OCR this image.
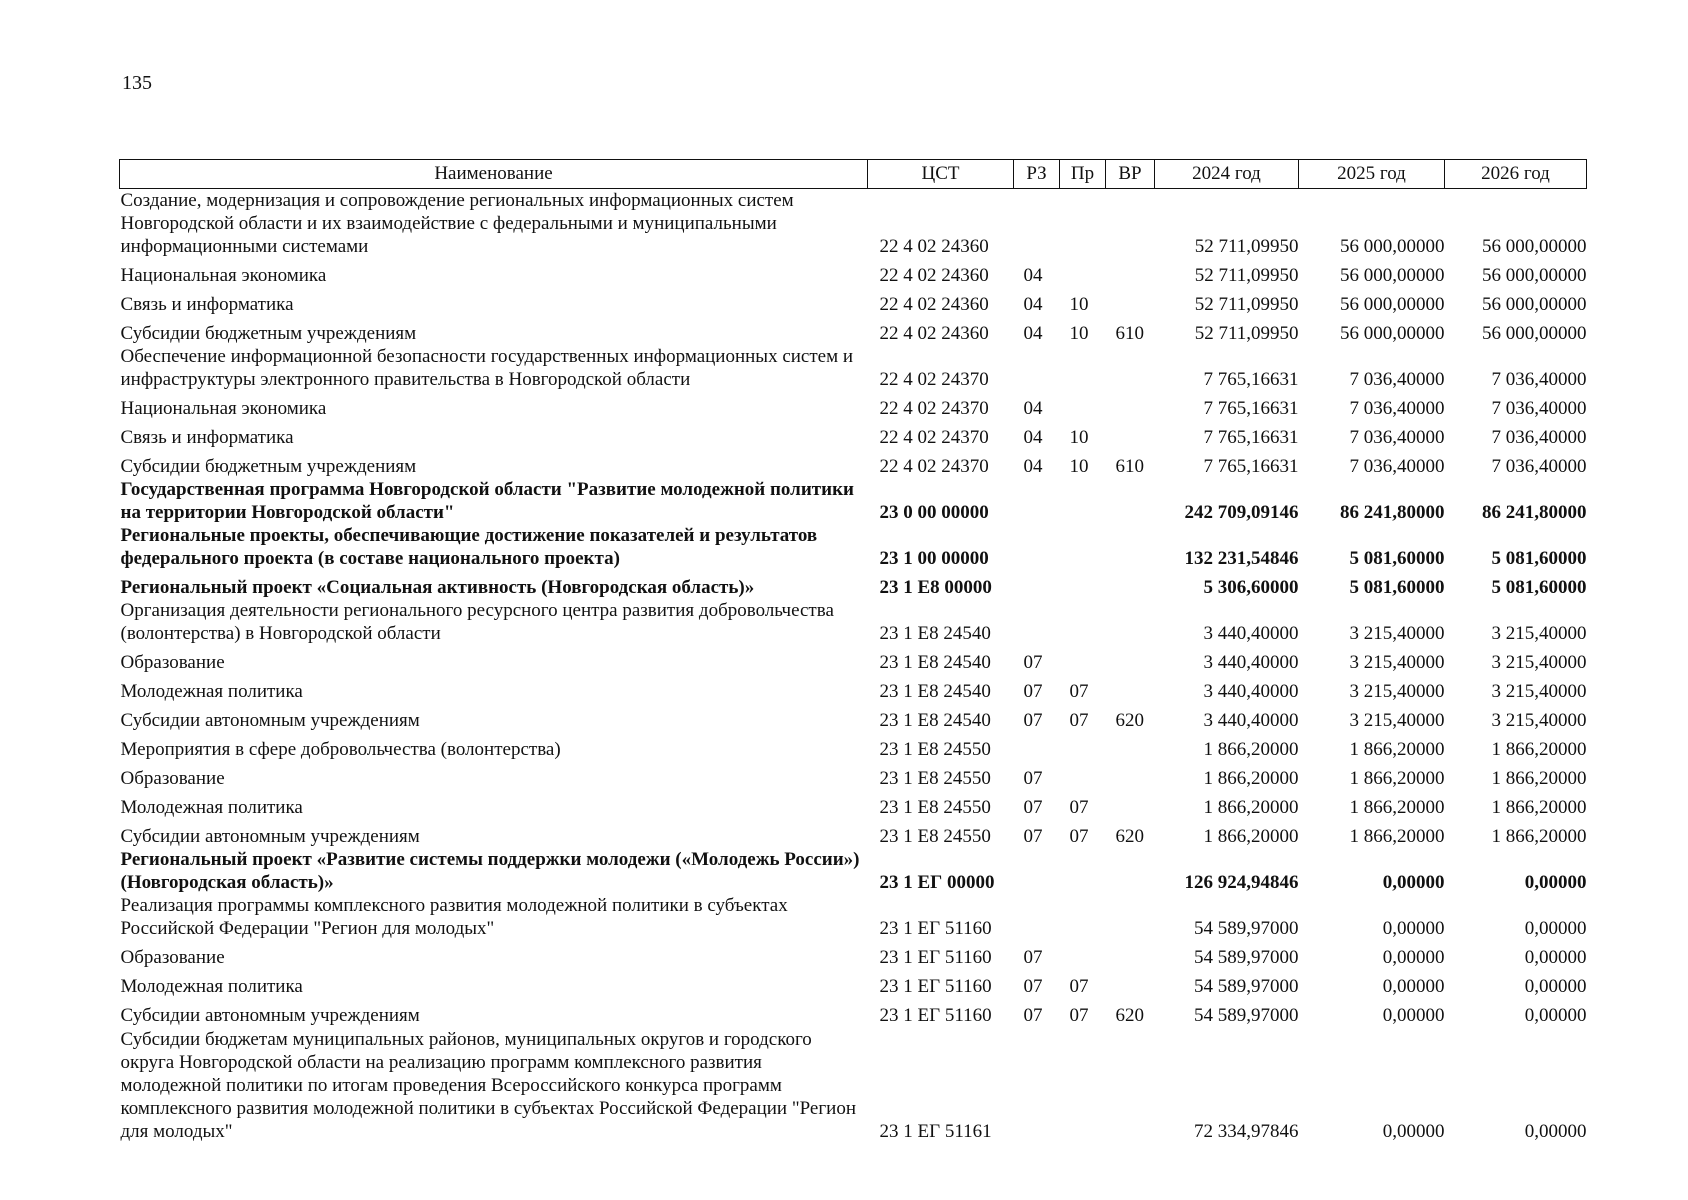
135
Наименование	ЦСТ	РЗ	Пр	ВР	2024 год	2025 год	2026 год
Создание, модернизация и сопровождение региональных информационных систем Новгородской области и их взаимодействие с федеральными и муниципальными информационными системами	22 4 02 24360				52 711,09950	56 000,00000	56 000,00000
Национальная экономика	22 4 02 24360	04			52 711,09950	56 000,00000	56 000,00000
Связь и информатика	22 4 02 24360	04	10		52 711,09950	56 000,00000	56 000,00000
Субсидии бюджетным учреждениям	22 4 02 24360	04	10	610	52 711,09950	56 000,00000	56 000,00000
Обеспечение информационной безопасности государственных информационных систем и инфраструктуры электронного правительства в Новгородской области	22 4 02 24370				7 765,16631	7 036,40000	7 036,40000
Национальная экономика	22 4 02 24370	04			7 765,16631	7 036,40000	7 036,40000
Связь и информатика	22 4 02 24370	04	10		7 765,16631	7 036,40000	7 036,40000
Субсидии бюджетным учреждениям	22 4 02 24370	04	10	610	7 765,16631	7 036,40000	7 036,40000
Государственная программа Новгородской области "Развитие молодежной политики на территории Новгородской области"	23 0 00 00000				242 709,09146	86 241,80000	86 241,80000
Региональные проекты, обеспечивающие достижение показателей и результатов федерального проекта (в составе национального проекта)	23 1 00 00000				132 231,54846	5 081,60000	5 081,60000
Региональный проект «Социальная активность (Новгородская область)»	23 1 E8 00000				5 306,60000	5 081,60000	5 081,60000
Организация деятельности регионального ресурсного центра развития добровольчества (волонтерства) в Новгородской области	23 1 E8 24540				3 440,40000	3 215,40000	3 215,40000
Образование	23 1 E8 24540	07			3 440,40000	3 215,40000	3 215,40000
Молодежная политика	23 1 E8 24540	07	07		3 440,40000	3 215,40000	3 215,40000
Субсидии автономным учреждениям	23 1 E8 24540	07	07	620	3 440,40000	3 215,40000	3 215,40000
Мероприятия в сфере добровольчества (волонтерства)	23 1 E8 24550				1 866,20000	1 866,20000	1 866,20000
Образование	23 1 E8 24550	07			1 866,20000	1 866,20000	1 866,20000
Молодежная политика	23 1 E8 24550	07	07		1 866,20000	1 866,20000	1 866,20000
Субсидии автономным учреждениям	23 1 E8 24550	07	07	620	1 866,20000	1 866,20000	1 866,20000
Региональный проект «Развитие системы поддержки молодежи («Молодежь России») (Новгородская область)»	23 1 ЕГ 00000				126 924,94846	0,00000	0,00000
Реализация программы комплексного развития молодежной политики в субъектах Российской Федерации "Регион для молодых"	23 1 ЕГ 51160				54 589,97000	0,00000	0,00000
Образование	23 1 ЕГ 51160	07			54 589,97000	0,00000	0,00000
Молодежная политика	23 1 ЕГ 51160	07	07		54 589,97000	0,00000	0,00000
Субсидии автономным учреждениям	23 1 ЕГ 51160	07	07	620	54 589,97000	0,00000	0,00000
Субсидии бюджетам муниципальных районов, муниципальных округов и городского округа Новгородской области на реализацию программ комплексного развития молодежной политики по итогам проведения Всероссийского конкурса программ комплексного развития молодежной политики в субъектах Российской Федерации "Регион для молодых"	23 1 ЕГ 51161				72 334,97846	0,00000	0,00000
